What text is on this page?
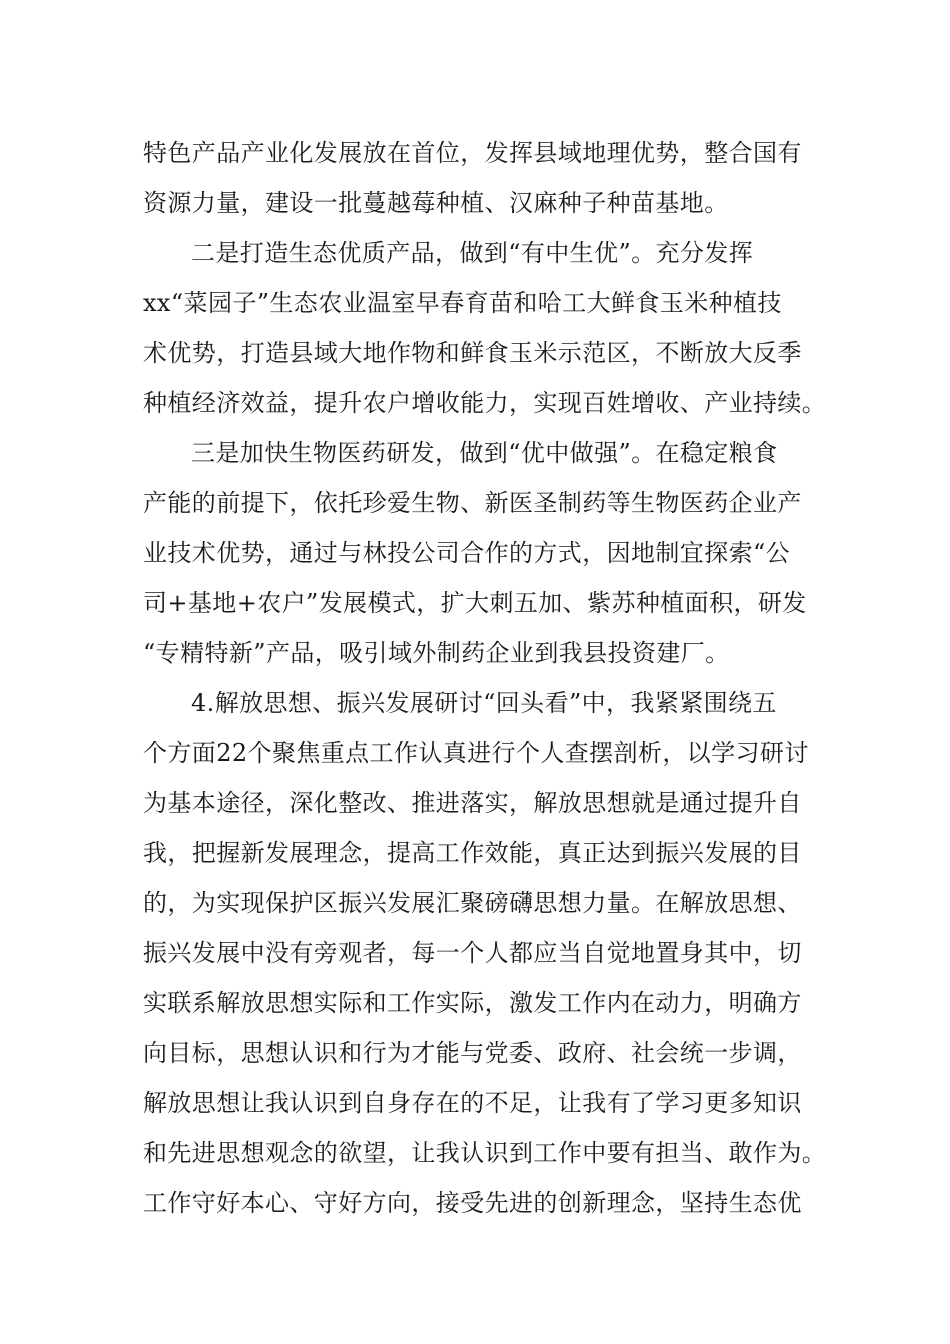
特色产品产业化发展放在首位，发挥县域地理优势，整合国有
资源力量，建设一批蔓越莓种植、汉麻种子种苗基地。
二是打造生态优质产品，做到“有中生优”。充分发挥
xx“菜园子”生态农业温室早春育苗和哈工大鲜食玉米种植技
术优势，打造县域大地作物和鲜食玉米示范区，不断放大反季
种植经济效益，提升农户增收能力，实现百姓增收、产业持续。
三是加快生物医药研发，做到“优中做强”。在稳定粮食
产能的前提下，依托珍爱生物、新医圣制药等生物医药企业产
业技术优势，通过与林投公司合作的方式，因地制宜探索“公
司+基地+农户”发展模式，扩大刺五加、紫苏种植面积，研发
“专精特新”产品，吸引域外制药企业到我县投资建厂。
4.解放思想、振兴发展研讨“回头看”中，我紧紧围绕五
个方面22个聚焦重点工作认真进行个人查摆剖析，以学习研讨
为基本途径，深化整改、推进落实，解放思想就是通过提升自
我，把握新发展理念，提高工作效能，真正达到振兴发展的目
的，为实现保护区振兴发展汇聚磅礴思想力量。在解放思想、
振兴发展中没有旁观者，每一个人都应当自觉地置身其中，切
实联系解放思想实际和工作实际，激发工作内在动力，明确方
向目标，思想认识和行为才能与党委、政府、社会统一步调，
解放思想让我认识到自身存在的不足，让我有了学习更多知识
和先进思想观念的欲望，让我认识到工作中要有担当、敢作为。
工作守好本心、守好方向，接受先进的创新理念，坚持生态优
